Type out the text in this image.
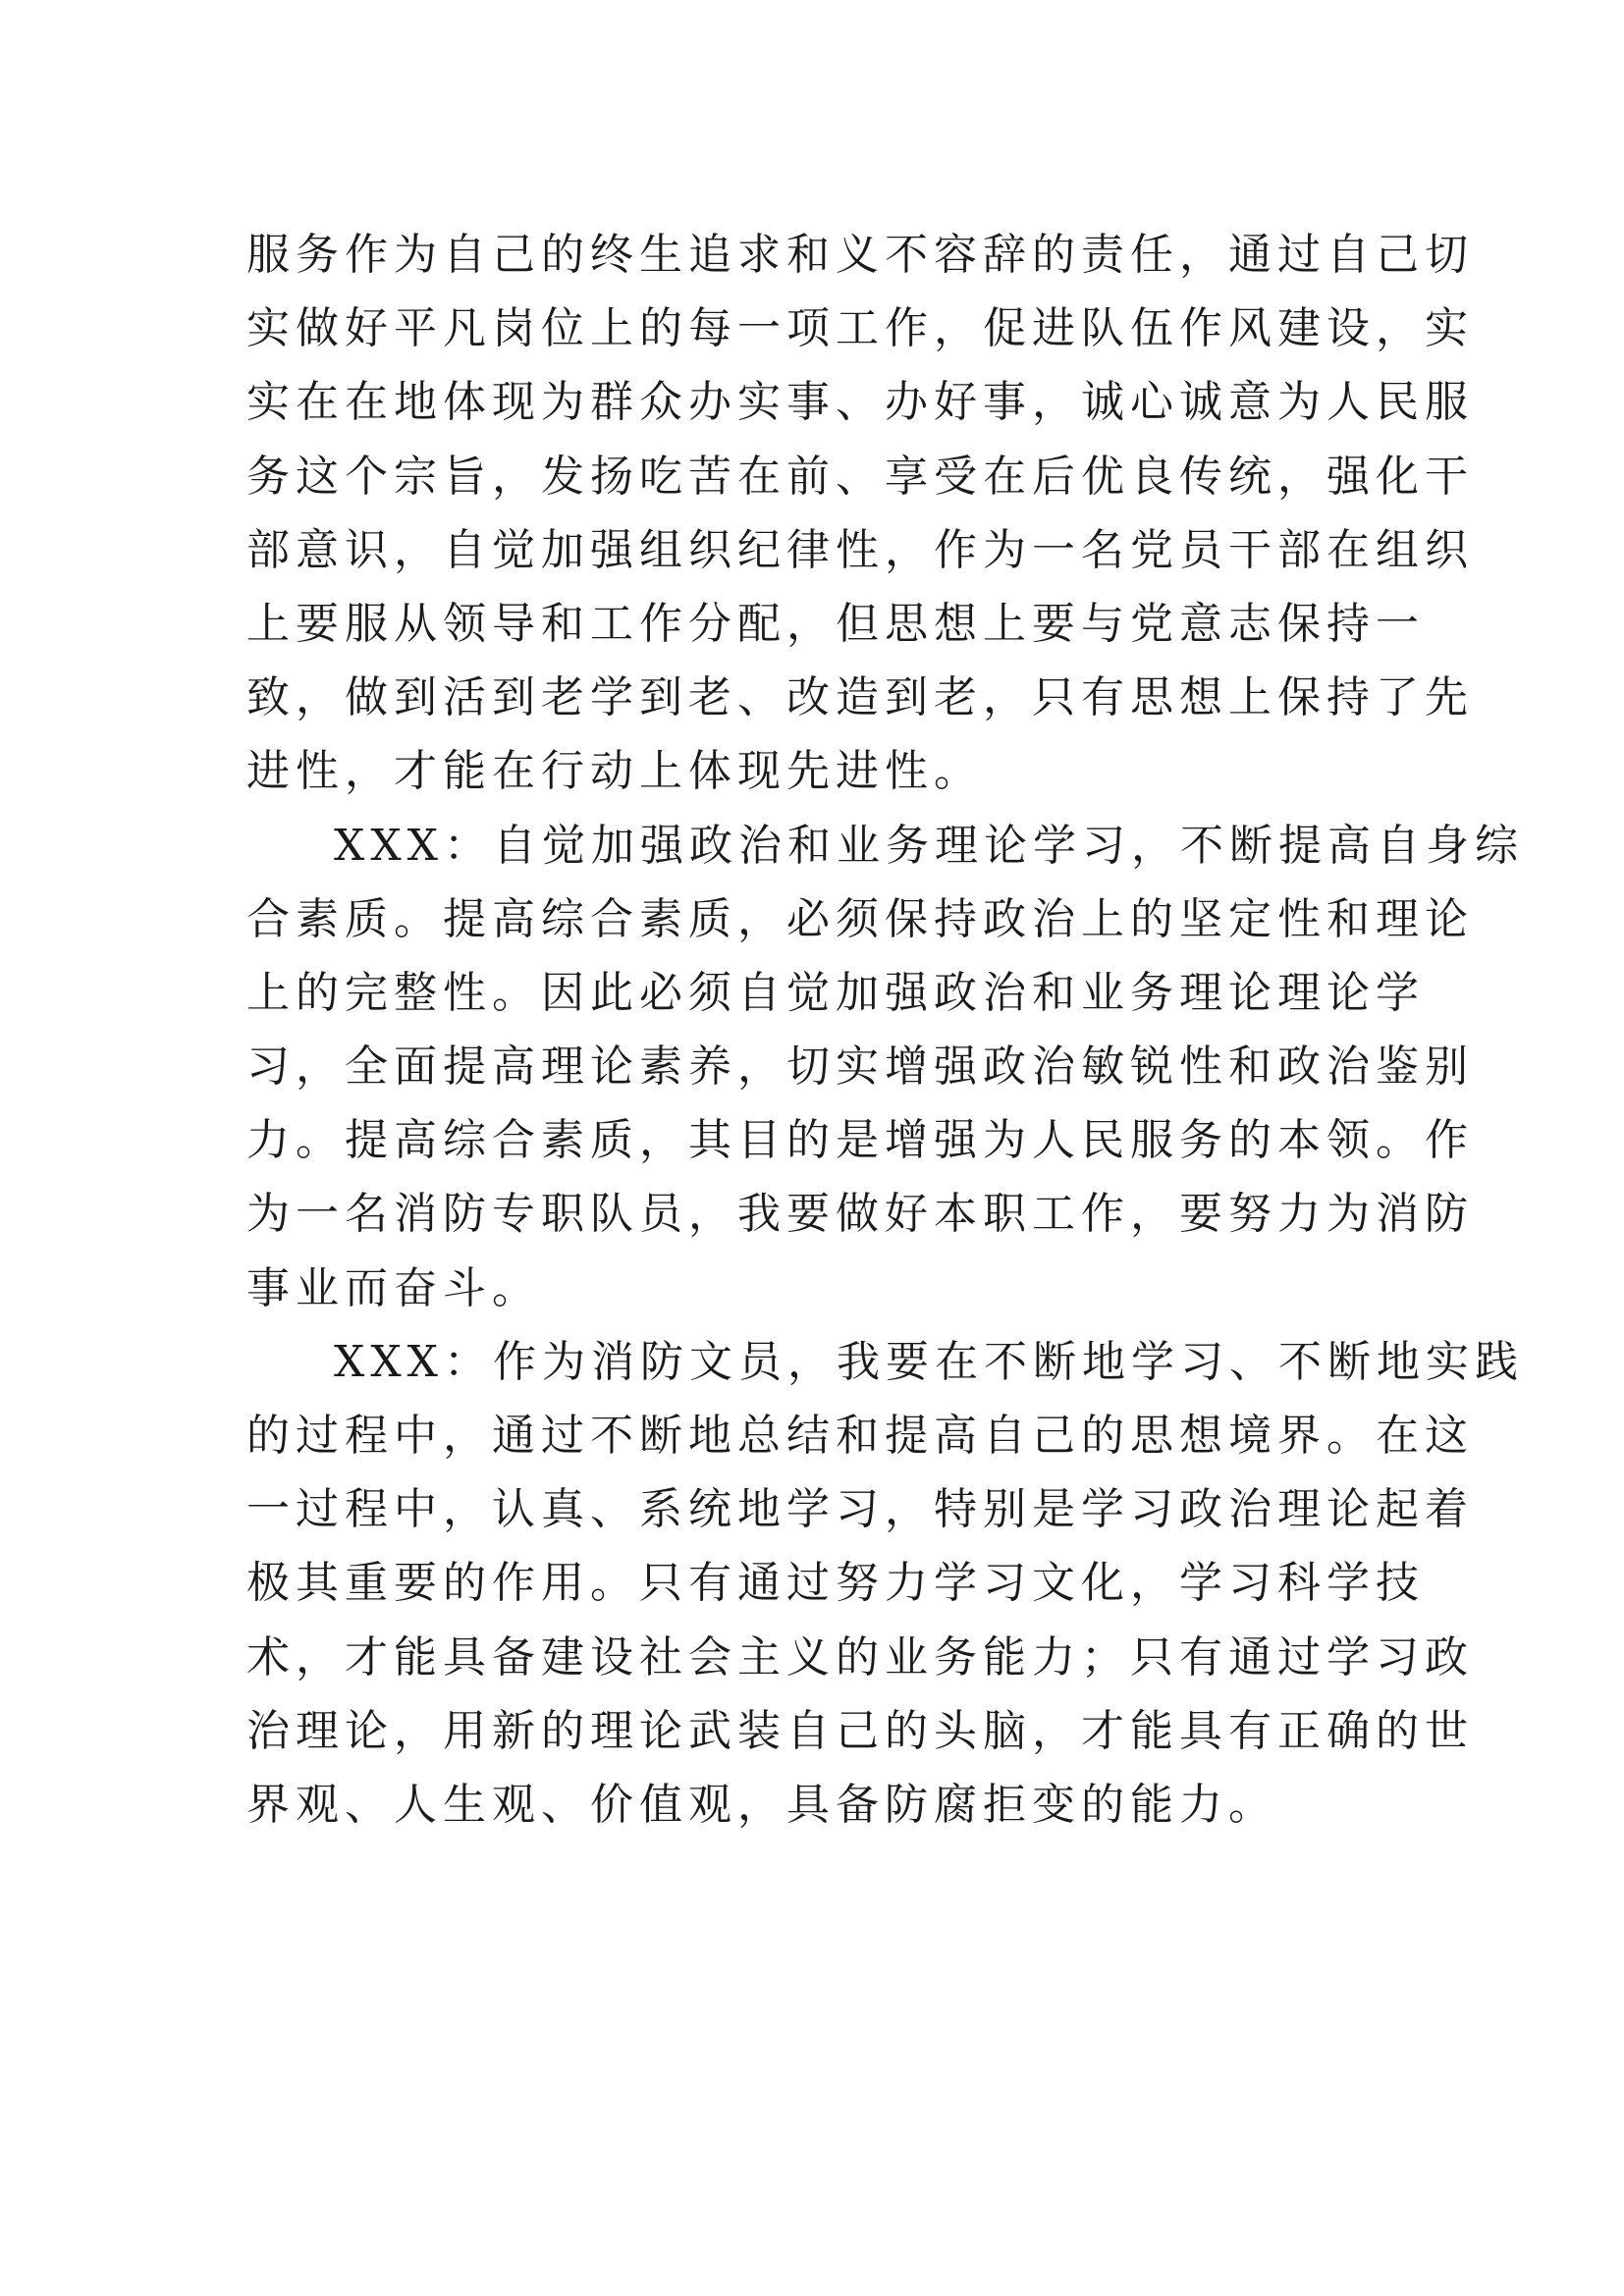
服务作为自己的终生追求和义不容辞的责任，通过自己切
实做好平凡岗位上的每一项工作，促进队伍作风建设，实
实在在地体现为群众办实事、办好事，诚心诚意为人民服
务这个宗旨，发扬吃苦在前、享受在后优良传统，强化干
部意识，自觉加强组织纪律性，作为一名党员干部在组织
上要服从领导和工作分配，但思想上要与党意志保持一
致，做到活到老学到老、改造到老，只有思想上保持了先
进性，才能在行动上体现先进性。
XXX：自觉加强政治和业务理论学习，不断提高自身综
合素质。提高综合素质，必须保持政治上的坚定性和理论
上的完整性。因此必须自觉加强政治和业务理论理论学
习，全面提高理论素养，切实增强政治敏锐性和政治鉴别
力。提高综合素质，其目的是增强为人民服务的本领。作
为一名消防专职队员，我要做好本职工作，要努力为消防
事业而奋斗。
XXX：作为消防文员，我要在不断地学习、不断地实践
的过程中，通过不断地总结和提高自己的思想境界。在这
一过程中，认真、系统地学习，特别是学习政治理论起着
极其重要的作用。只有通过努力学习文化，学习科学技
术，才能具备建设社会主义的业务能力；只有通过学习政
治理论，用新的理论武装自己的头脑，才能具有正确的世
界观、人生观、价值观，具备防腐拒变的能力。
